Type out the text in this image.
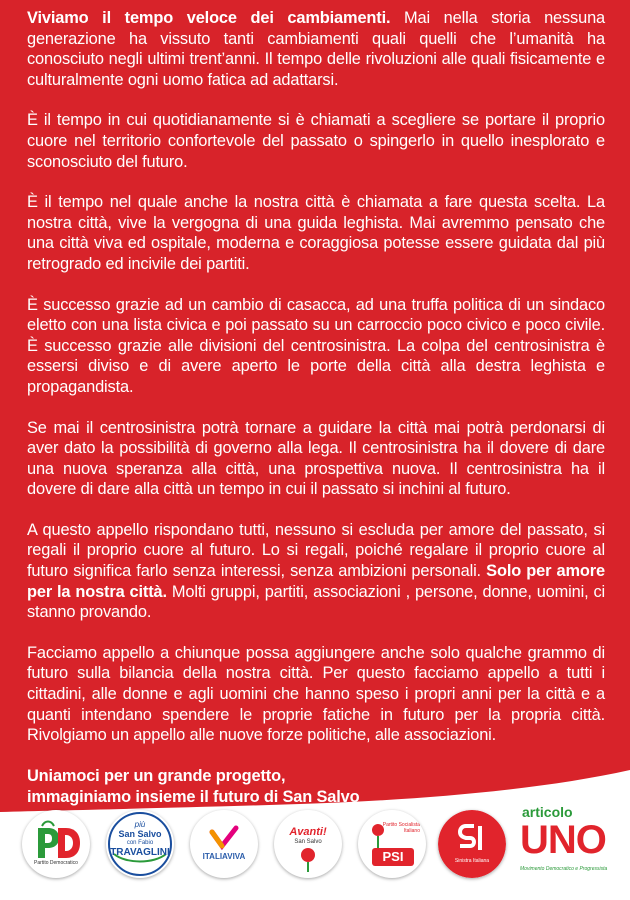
Viviamo il tempo veloce dei cambiamenti. Mai nella storia nessuna generazione ha vissuto tanti cambiamenti quali quelli che l’umanità ha conosciuto negli ultimi trent’anni. Il tempo delle rivoluzioni alle quali fisicamente e culturalmente ogni uomo fatica ad adattarsi.

È il tempo in cui quotidianamente si è chiamati a scegliere se portare il proprio cuore nel territorio confortevole del passato o spingerlo in quello inesplorato e sconosciuto del futuro.

È il tempo nel quale anche la nostra città è chiamata a fare questa scelta. La nostra città, vive la vergogna di una guida leghista. Mai avremmo pensato che una città viva ed ospitale, moderna e coraggiosa potesse essere guidata dal più retrogrado ed incivile dei partiti.

È successo grazie ad un cambio di casacca, ad una truffa politica di un sindaco eletto con una lista civica e poi passato su un carroccio poco civico e poco civile. È successo grazie alle divisioni del centrosinistra. La colpa del centrosinistra è essersi diviso e di avere aperto le porte della città alla destra leghista e propagandista.

Se mai il centrosinistra potrà tornare a guidare la città mai potrà perdonarsi di aver dato la possibilità di governo alla lega. Il centrosinistra ha il dovere di dare una nuova speranza alla città, una prospettiva nuova. Il centrosinistra ha il dovere di dare alla città un tempo in cui il passato si inchini al futuro.

A questo appello rispondano tutti, nessuno si escluda per amore del passato, si regali il proprio cuore al futuro. Lo si regali, poiché regalare il proprio cuore al futuro significa farlo senza interessi, senza ambizioni personali. Solo per amore per la nostra città. Molti gruppi, partiti, associazioni , persone, donne, uomini, ci stanno provando.

Facciamo appello a chiunque possa aggiungere anche solo qualche grammo di futuro sulla bilancia della nostra città. Per questo facciamo appello a tutti i cittadini, alle donne e agli uomini che hanno speso i propri anni per la città e a quanti intendano spendere le proprie fatiche in futuro per la propria città. Rivolgiamo un appello alle nuove forze politiche, alle associazioni.

Uniamoci per un grande progetto,
immaginiamo insieme il futuro di San Salvo
Partito Democratico
più
San Salvo
con Fabio
TRAVAGLINI	ITALIAVIVA
Avanti!
San Salvo
Partito Socialista Italiano
PSI	Sinistra Italiana
articolo
UNO
Movimento Democratico e Progressista
